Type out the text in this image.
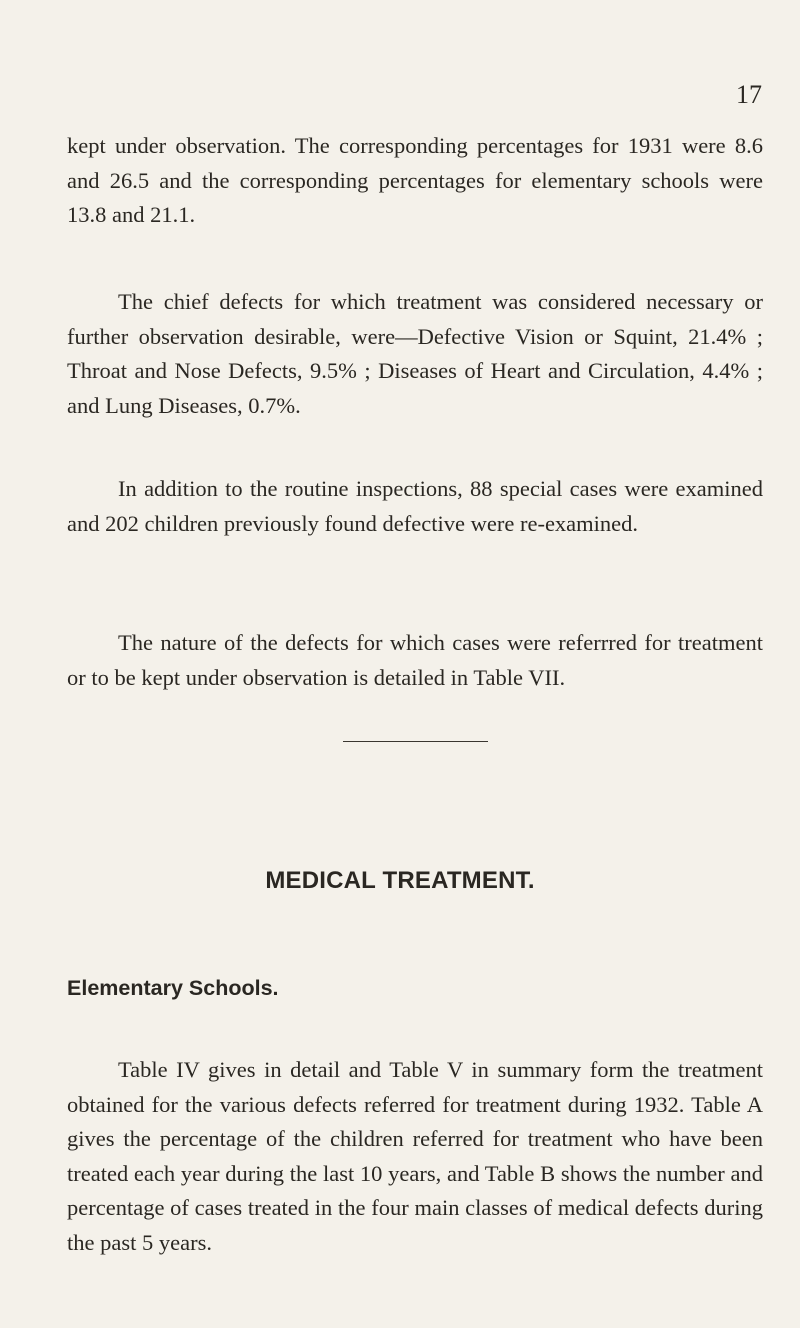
17

kept under observation. The corresponding percentages for 1931 were 8.6 and 26.5 and the corresponding percentages for elementary schools were 13.8 and 21.1.

The chief defects for which treatment was considered necessary or further observation desirable, were—Defective Vision or Squint, 21.4% ; Throat and Nose Defects, 9.5% ; Diseases of Heart and Circulation, 4.4% ; and Lung Diseases, 0.7%.

In addition to the routine inspections, 88 special cases were examined and 202 children previously found defective were re-examined.

The nature of the defects for which cases were referrred for treatment or to be kept under observation is detailed in Table VII.

MEDICAL TREATMENT.
Elementary Schools.

Table IV gives in detail and Table V in summary form the treatment obtained for the various defects referred for treatment during 1932. Table A gives the percentage of the children referred for treatment who have been treated each year during the last 10 years, and Table B shows the number and percentage of cases treated in the four main classes of medical defects during the past 5 years.
